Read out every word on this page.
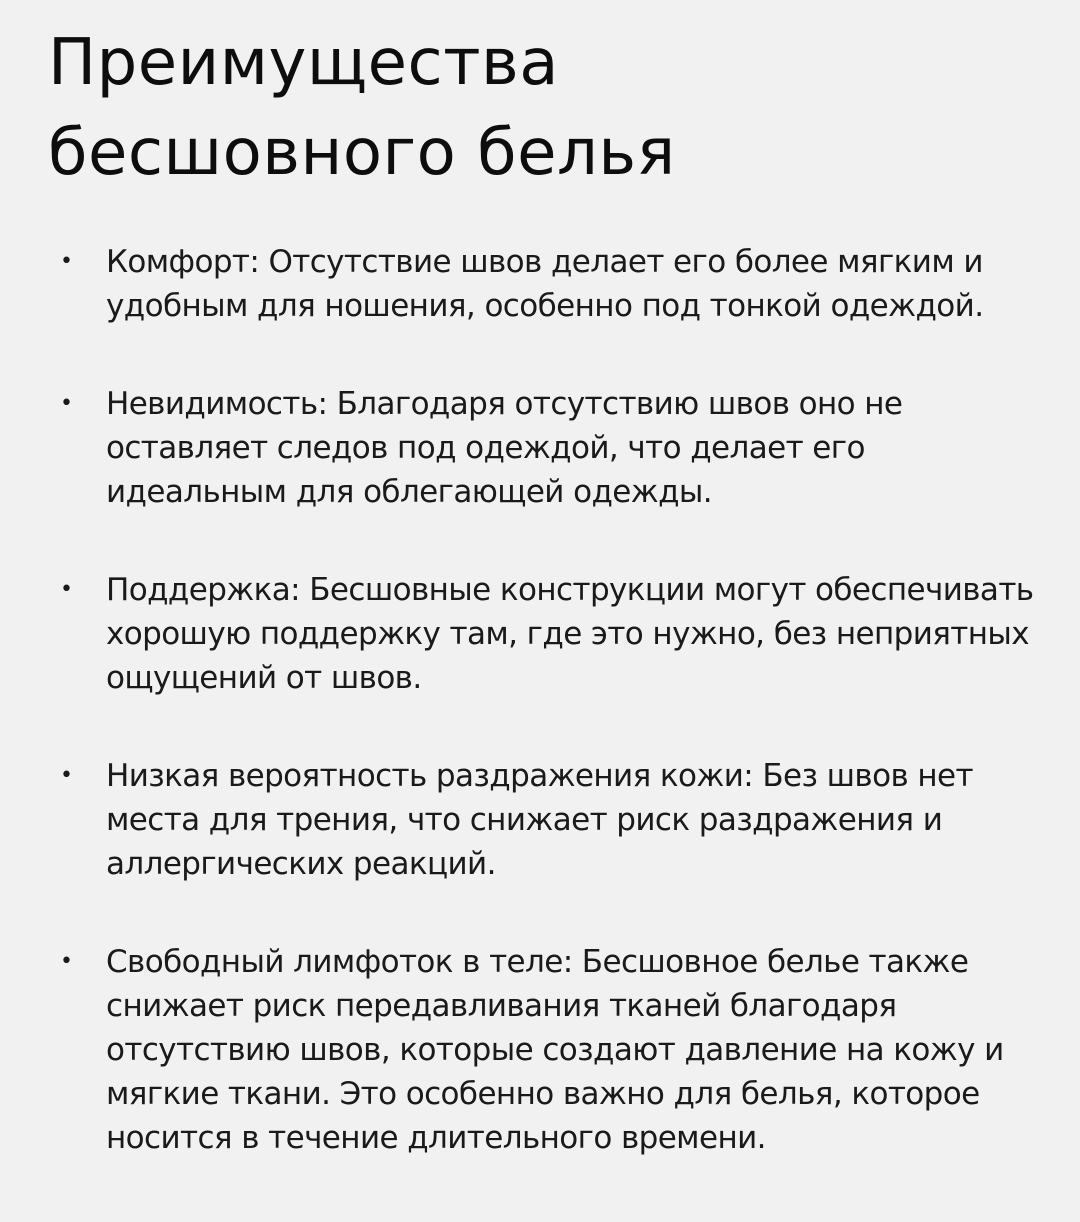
Преимущества
бесшовного белья
• Комфорт: Отсутствие швов делает его более мягким и удобным для ношения, особенно под тонкой одеждой.
• Невидимость: Благодаря отсутствию швов оно не оставляет следов под одеждой, что делает его идеальным для облегающей одежды.
• Поддержка: Бесшовные конструкции могут обеспечивать хорошую поддержку там, где это нужно, без неприятных ощущений от швов.
• Низкая вероятность раздражения кожи: Без швов нет места для трения, что снижает риск раздражения и аллергических реакций.
• Свободный лимфоток в теле: Бесшовное белье также снижает риск передавливания тканей благодаря отсутствию швов, которые создают давление на кожу и мягкие ткани. Это особенно важно для белья, которое носится в течение длительного времени.
